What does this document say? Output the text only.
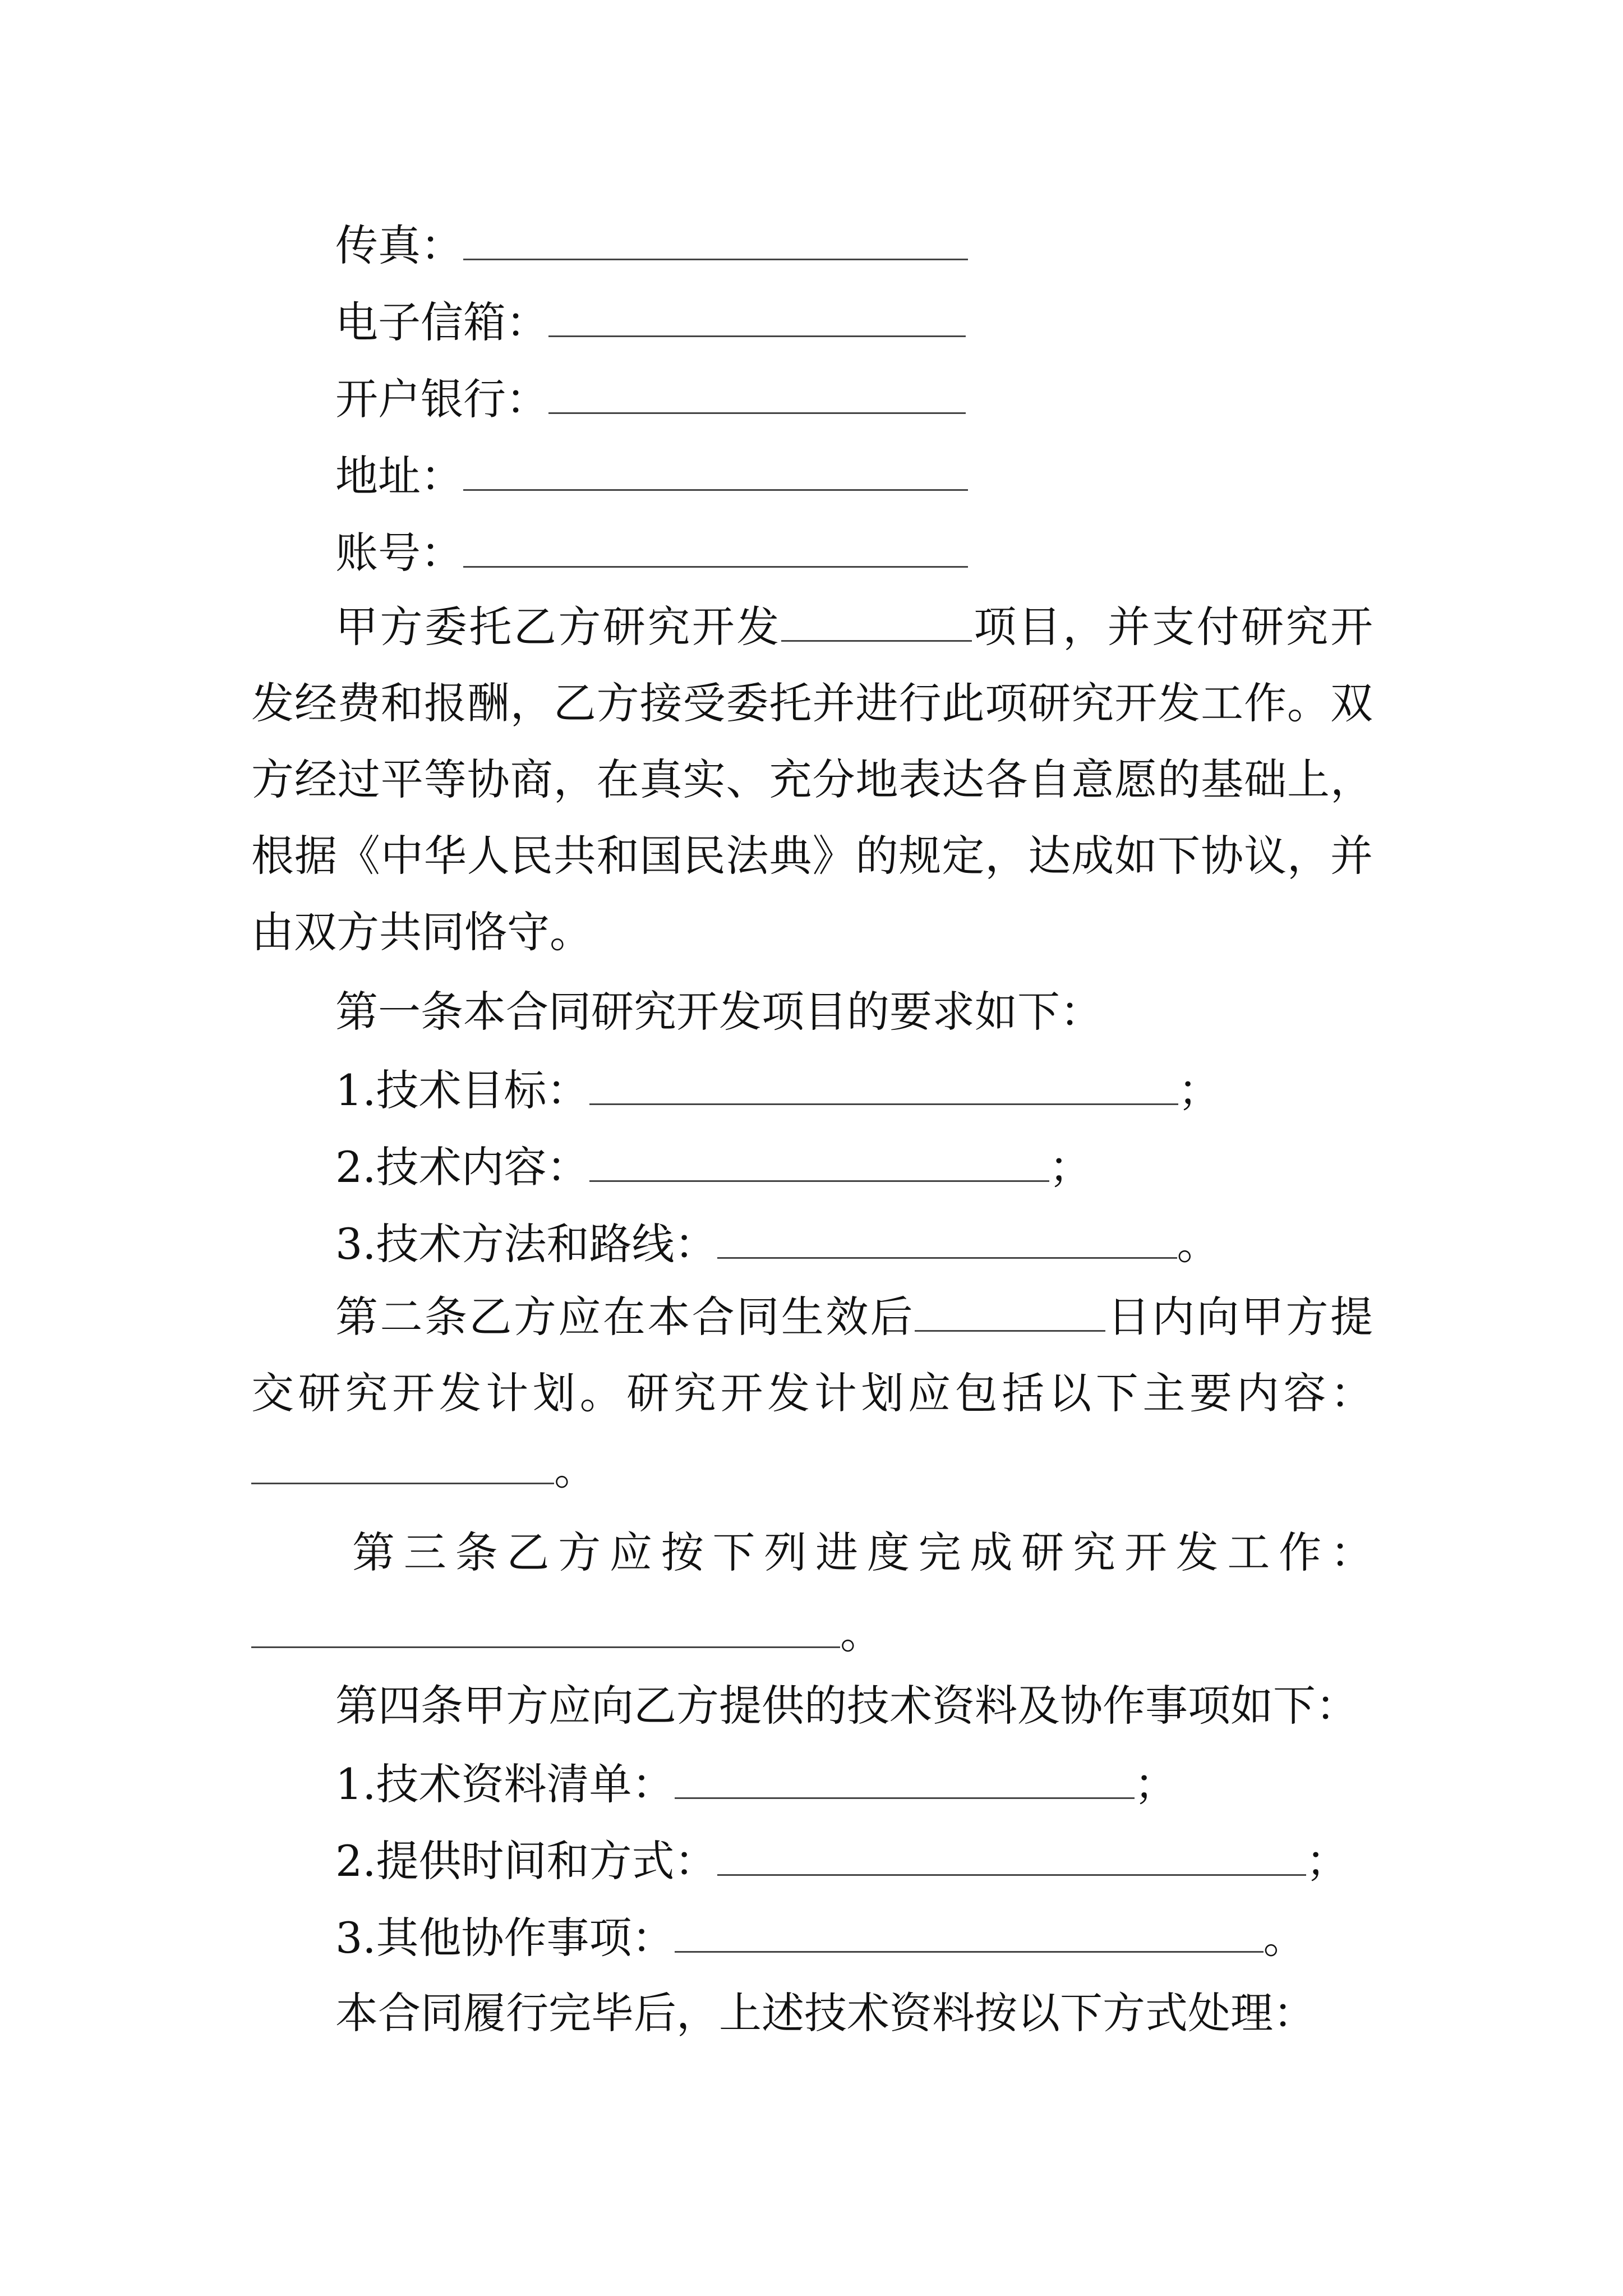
传真：

电子信箱：

开户银行：

地址：

账号：

甲方委托乙方研究开发	项目，并支付研究开
发经费和报酬，乙方接受委托并进行此项研究开发工作。双
方经过平等协商，在真实、充分地表达各自意愿的基础上，
根据《中华人民共和国民法典》的规定，达成如下协议，并
由双方共同恪守。

第一条本合同研究开发项目的要求如下：

1.技术目标：	；

2.技术内容：	；

3.技术方法和路线：	。

第二条乙方应在本合同生效后	日内向甲方提
交研究开发计划。研究开发计划应包括以下主要内容：
。
第三条乙方应按下列进度完成研究开发工作：
。

第四条甲方应向乙方提供的技术资料及协作事项如下：

1.技术资料清单：	；

2.提供时间和方式：	；

3.其他协作事项：	。

本合同履行完毕后，上述技术资料按以下方式处理：
